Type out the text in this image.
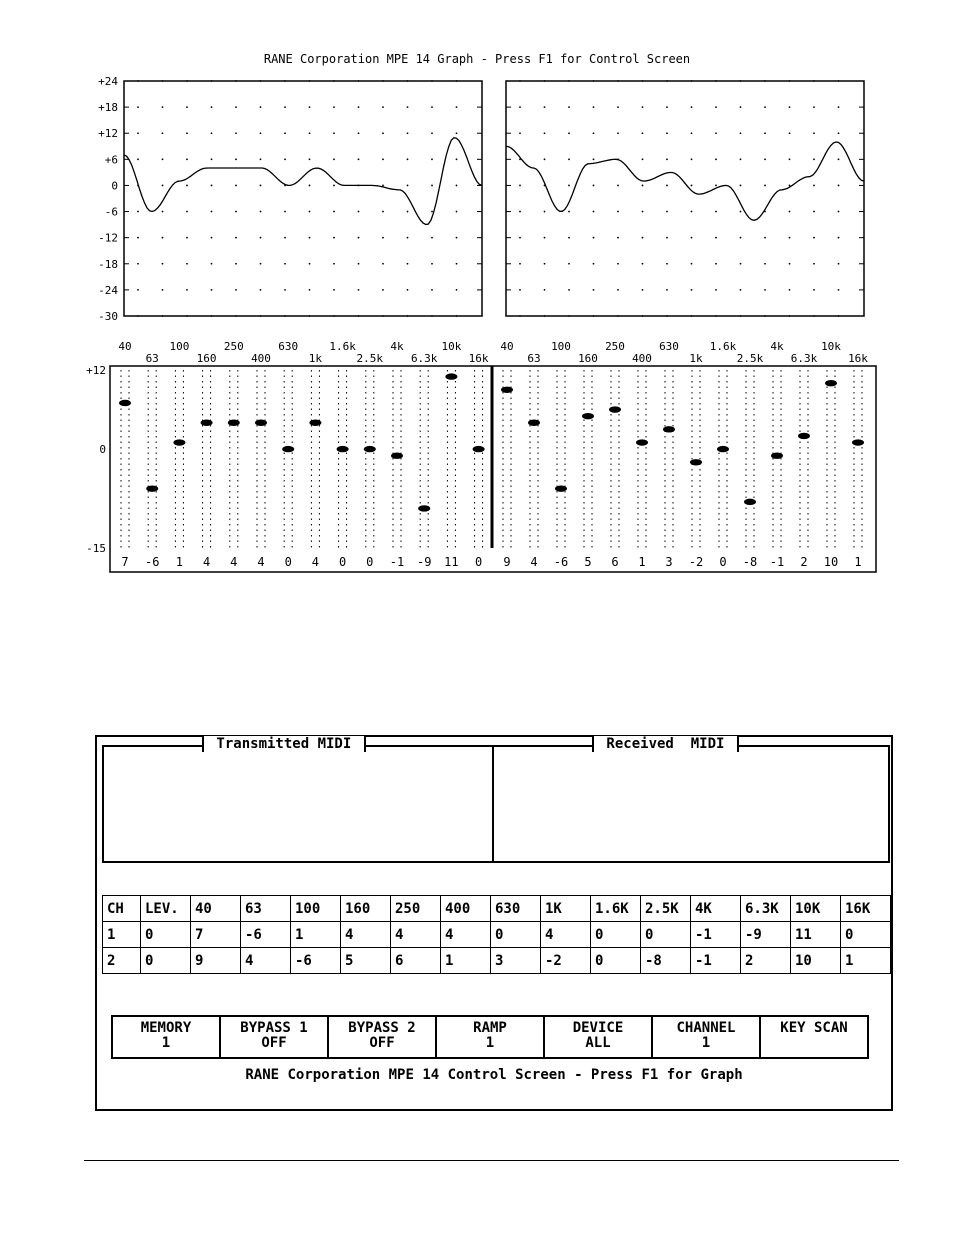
RANE Corporation MPE 14 Graph - Press F1 for Control Screen
+24
+18
+12
+6
0
-6
-12
-18
-24
-30
+12
0
-15
40
7
63
-6
100
1
160
4
250
4
400
4
630
0
1k
4
1.6k
0
2.5k
0
4k
-1
6.3k
-9
10k
11
16k
0
40
9
63
4
100
-6
160
5
250
6
400
1
630
3
1k
-2
1.6k
0
2.5k
-8
4k
-1
6.3k
2
10k
10
16k
1
Transmitted MIDI	Received  MIDI
CH	LEV.	40	63	100	160	250	400	630	1K	1.6K	2.5K	4K	6.3K	10K	16K
1	0	7	-6	1	4	4	4	0	4	0	0	-1	-9	11	0
2	0	9	4	-6	5	6	1	3	-2	0	-8	-1	2	10	1
MEMORY
1
BYPASS 1
OFF
BYPASS 2
OFF
RAMP
1
DEVICE
ALL
CHANNEL
1
KEY SCAN
RANE Corporation MPE 14 Control Screen - Press F1 for Graph
